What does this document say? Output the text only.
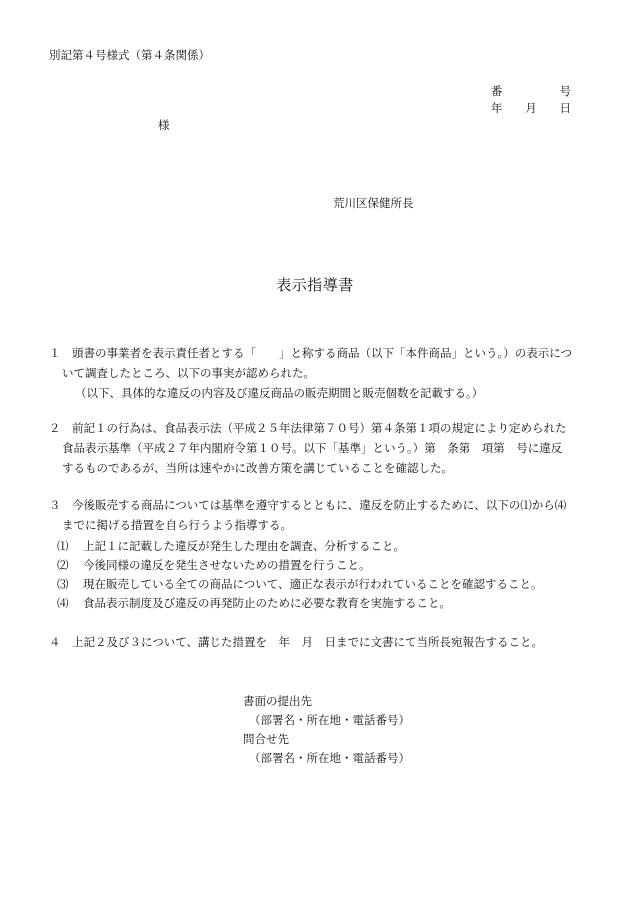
別記第４号様式（第４条関係）
番	号
年 月 日
様
荒川区保健所長
表示指導書
１　頭書の事業者を表示責任者とする「　　」と称する商品（以下「本件商品」という。）の表示につ
いて調査したところ、以下の事実が認められた。
（以下、具体的な違反の内容及び違反商品の販売期間と販売個数を記載する。）
２　前記１の行為は、食品表示法（平成２５年法律第７０号）第４条第１項の規定により定められた
食品表示基準（平成２７年内閣府令第１０号。以下「基準」という。）第　条第　項第　号に違反
するものであるが、当所は速やかに改善方策を講じていることを確認した。
３　今後販売する商品については基準を遵守するとともに、違反を防止するために、以下の⑴から⑷
までに掲げる措置を自ら行うよう指導する。
⑴ 上記１に記載した違反が発生した理由を調査、分析すること。
⑵ 今後同様の違反を発生させないための措置を行うこと。
⑶ 現在販売している全ての商品について、適正な表示が行われていることを確認すること。
⑷ 食品表示制度及び違反の再発防止のために必要な教育を実施すること。
４　上記２及び３について、講じた措置を　年　月　日までに文書にて当所長宛報告すること。
書面の提出先
（部署名・所在地・電話番号）
問合せ先
（部署名・所在地・電話番号）
